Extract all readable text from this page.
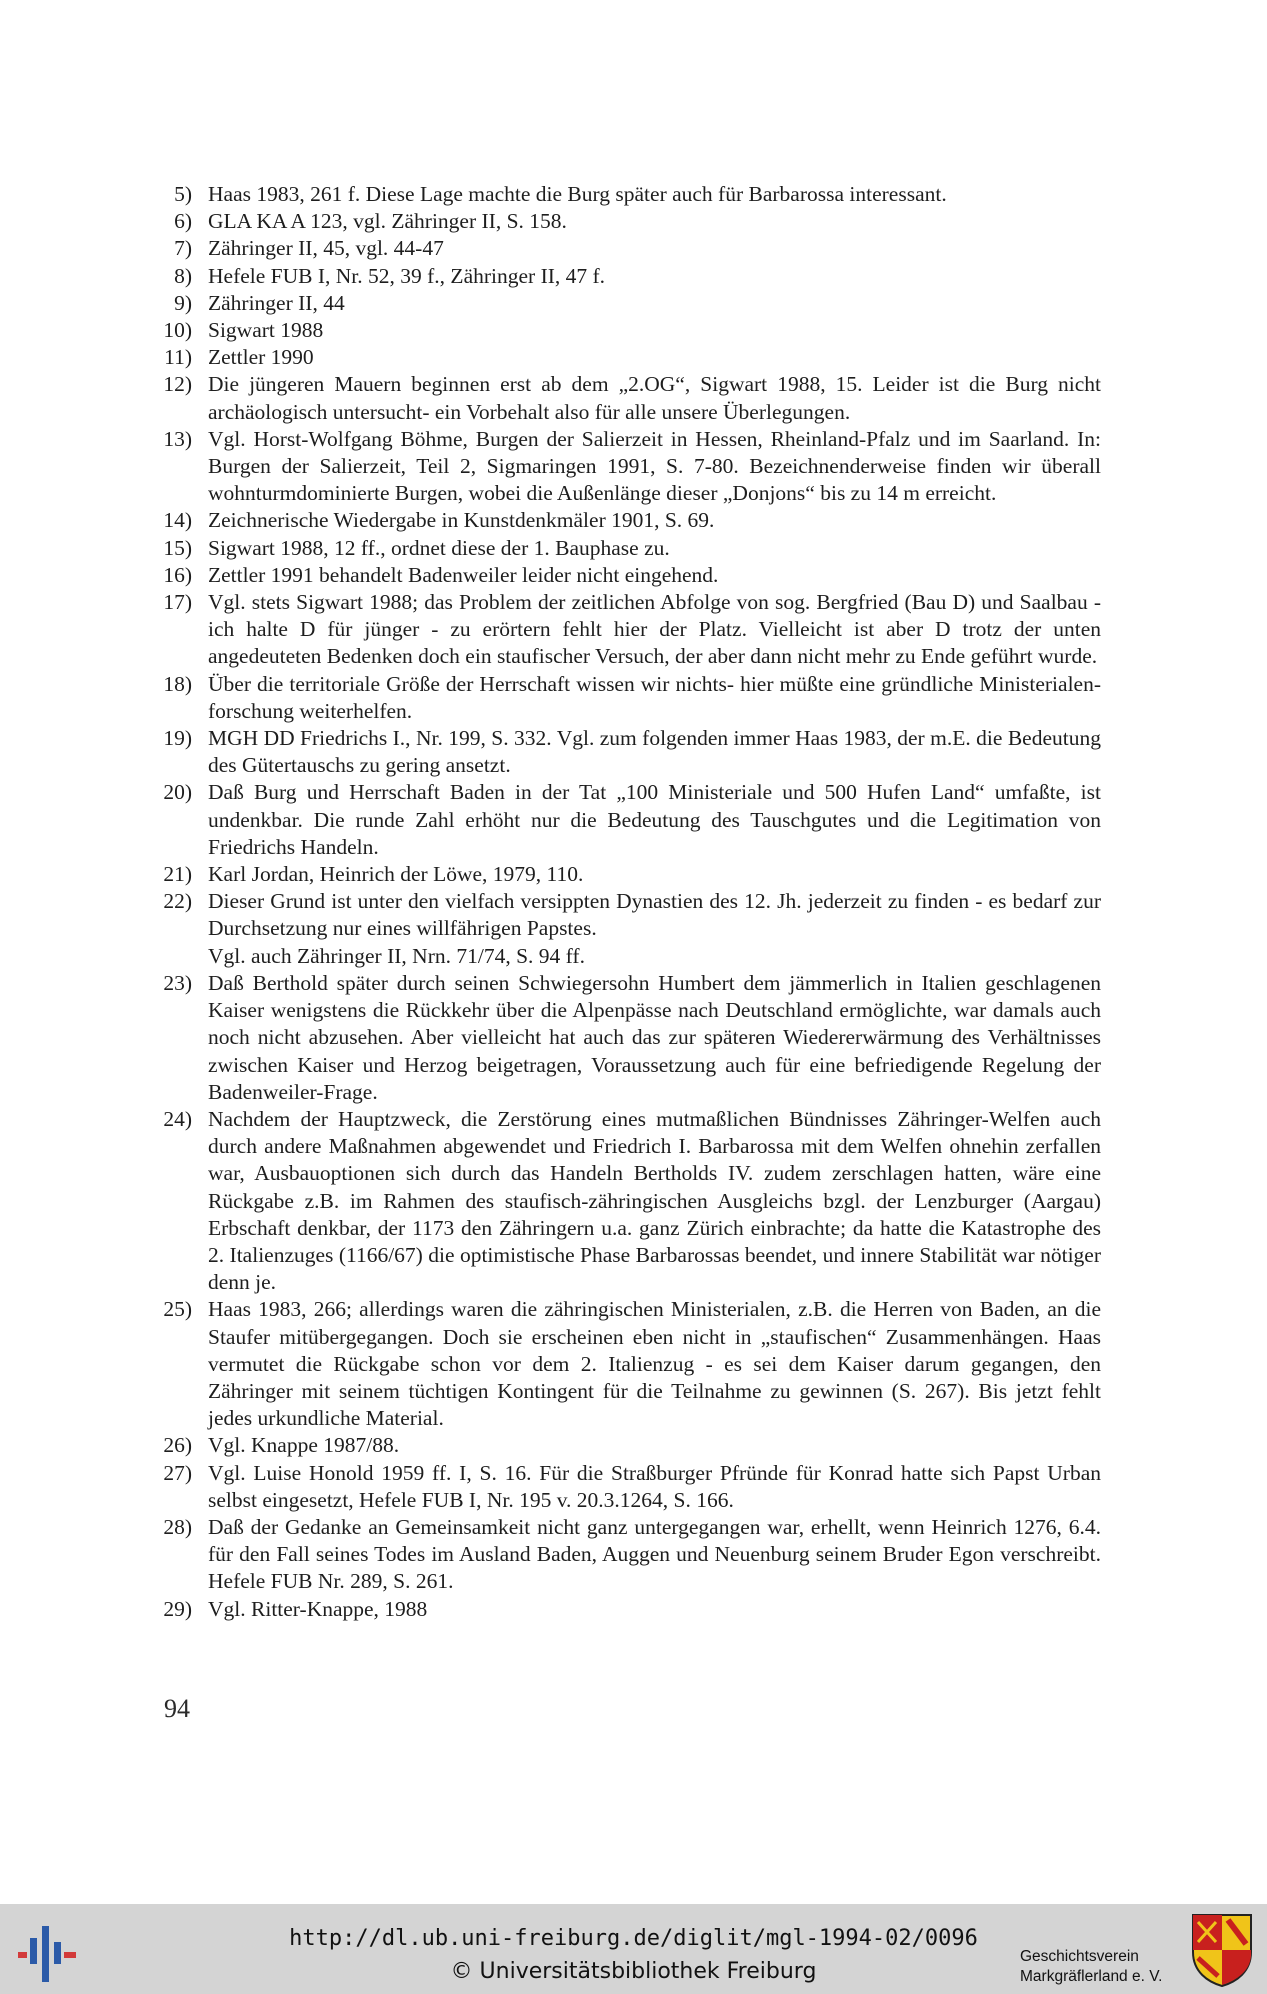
5) Haas 1983, 261 f. Diese Lage machte die Burg später auch für Barbarossa interessant.
6) GLA KA A 123, vgl. Zähringer II, S. 158.
7) Zähringer II, 45, vgl. 44-47
8) Hefele FUB I, Nr. 52, 39 f., Zähringer II, 47 f.
9) Zähringer II, 44
10) Sigwart 1988
11) Zettler 1990
12) Die jüngeren Mauern beginnen erst ab dem „2.OG“, Sigwart 1988, 15. Leider ist die Burg nicht archäologisch untersucht- ein Vorbehalt also für alle unsere Überlegungen.
13) Vgl. Horst-Wolfgang Böhme, Burgen der Salierzeit in Hessen, Rheinland-Pfalz und im Saarland. In: Burgen der Salierzeit, Teil 2, Sigmaringen 1991, S. 7-80. Bezeichnenderweise finden wir überall wohnturmdominierte Burgen, wobei die Außenlänge dieser „Donjons“ bis zu 14 m erreicht.
14) Zeichnerische Wiedergabe in Kunstdenkmäler 1901, S. 69.
15) Sigwart 1988, 12 ff., ordnet diese der 1. Bauphase zu.
16) Zettler 1991 behandelt Badenweiler leider nicht eingehend.
17) Vgl. stets Sigwart 1988; das Problem der zeitlichen Abfolge von sog. Bergfried (Bau D) und Saalbau - ich halte D für jünger - zu erörtern fehlt hier der Platz. Vielleicht ist aber D trotz der unten angedeuteten Bedenken doch ein staufischer Versuch, der aber dann nicht mehr zu Ende geführt wurde.
18) Über die territoriale Größe der Herrschaft wissen wir nichts- hier müßte eine gründliche Ministerialen-forschung weiterhelfen.
19) MGH DD Friedrichs I., Nr. 199, S. 332. Vgl. zum folgenden immer Haas 1983, der m.E. die Bedeutung des Gütertauschs zu gering ansetzt.
20) Daß Burg und Herrschaft Baden in der Tat „100 Ministeriale und 500 Hufen Land“ umfaßte, ist undenkbar. Die runde Zahl erhöht nur die Bedeutung des Tauschgutes und die Legitimation von Friedrichs Handeln.
21) Karl Jordan, Heinrich der Löwe, 1979, 110.
22) Dieser Grund ist unter den vielfach versippten Dynastien des 12. Jh. jederzeit zu finden - es bedarf zur Durchsetzung nur eines willfährigen Papstes.
Vgl. auch Zähringer II, Nrn. 71/74, S. 94 ff.
23) Daß Berthold später durch seinen Schwiegersohn Humbert dem jämmerlich in Italien geschlagenen Kaiser wenigstens die Rückkehr über die Alpenpässe nach Deutschland ermöglichte, war damals auch noch nicht abzusehen. Aber vielleicht hat auch das zur späteren Wiedererwärmung des Verhältnisses zwischen Kaiser und Herzog beigetragen, Voraussetzung auch für eine befriedigende Regelung der Badenweiler-Frage.
24) Nachdem der Hauptzweck, die Zerstörung eines mutmaßlichen Bündnisses Zähringer-Welfen auch durch andere Maßnahmen abgewendet und Friedrich I. Barbarossa mit dem Welfen ohnehin zerfallen war, Ausbauoptionen sich durch das Handeln Bertholds IV. zudem zerschlagen hatten, wäre eine Rückgabe z.B. im Rahmen des staufisch-zähringischen Ausgleichs bzgl. der Lenzburger (Aargau) Erbschaft denkbar, der 1173 den Zähringern u.a. ganz Zürich einbrachte; da hatte die Katastrophe des 2. Italienzuges (1166/67) die optimistische Phase Barbarossas beendet, und innere Stabilität war nötiger denn je.
25) Haas 1983, 266; allerdings waren die zähringischen Ministerialen, z.B. die Herren von Baden, an die Staufer mitübergegangen. Doch sie erscheinen eben nicht in „staufischen“ Zusammenhängen. Haas vermutet die Rückgabe schon vor dem 2. Italienzug - es sei dem Kaiser darum gegangen, den Zähringer mit seinem tüchtigen Kontingent für die Teilnahme zu gewinnen (S. 267). Bis jetzt fehlt jedes urkundliche Material.
26) Vgl. Knappe 1987/88.
27) Vgl. Luise Honold 1959 ff. I, S. 16. Für die Straßburger Pfründe für Konrad hatte sich Papst Urban selbst eingesetzt, Hefele FUB I, Nr. 195 v. 20.3.1264, S. 166.
28) Daß der Gedanke an Gemeinsamkeit nicht ganz untergegangen war, erhellt, wenn Heinrich 1276, 6.4. für den Fall seines Todes im Ausland Baden, Auggen und Neuenburg seinem Bruder Egon verschreibt. Hefele FUB Nr. 289, S. 261.
29) Vgl. Ritter-Knappe, 1988
94
http://dl.ub.uni-freiburg.de/diglit/mgl-1994-02/0096
© Universitätsbibliothek Freiburg
Geschichtsverein
Markgräflerland e. V.
